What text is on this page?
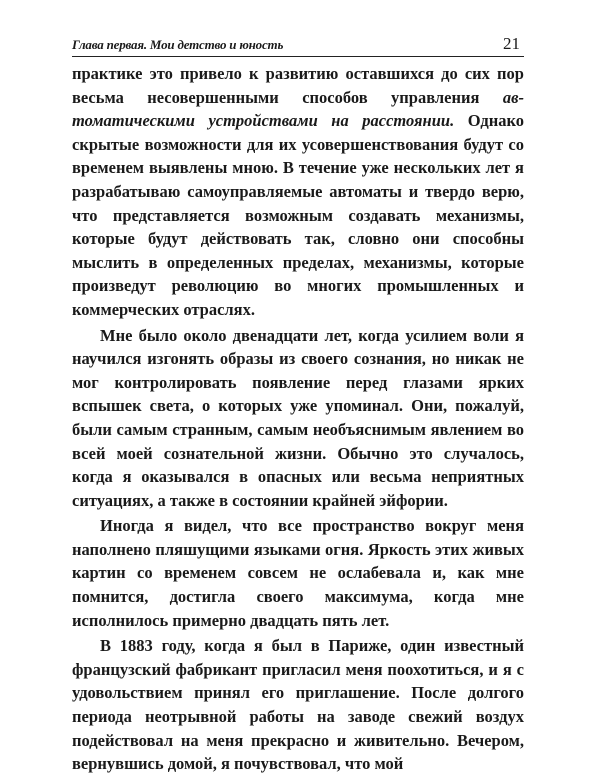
Глава первая. Мои детство и юность	21

практике это привело к развитию оставшихся до сих пор весьма несовершенными способов управления автоматическими устройствами на расстоянии. Однако скрытые возможности для их усовершенствования будут со временем выявлены мною. В течение уже нескольких лет я разрабатываю самоуправляемые автоматы и твердо верю, что представляется возможным создавать механизмы, которые будут действовать так, словно они способны мыслить в определенных пределах, механизмы, которые произведут революцию во многих промышленных и коммерческих отраслях.

Мне было около двенадцати лет, когда усилием воли я научился изгонять образы из своего сознания, но никак не мог контролировать появление перед глазами ярких вспышек света, о которых уже упоминал. Они, пожалуй, были самым странным, самым необъяснимым явлением во всей моей сознательной жизни. Обычно это случалось, когда я оказывался в опасных или весьма неприятных ситуациях, а также в состоянии крайней эйфории.

Иногда я видел, что все пространство вокруг меня наполнено пляшущими языками огня. Яркость этих живых картин со временем совсем не ослабевала и, как мне помнится, достигла своего максимума, когда мне исполнилось примерно двадцать пять лет.

В 1883 году, когда я был в Париже, один известный французский фабрикант пригласил меня поохотиться, и я с удовольствием принял его приглашение. После долгого периода неотрывной работы на заводе свежий воздух подействовал на меня прекрасно и живительно. Вечером, вернувшись домой, я почувствовал, что мой
